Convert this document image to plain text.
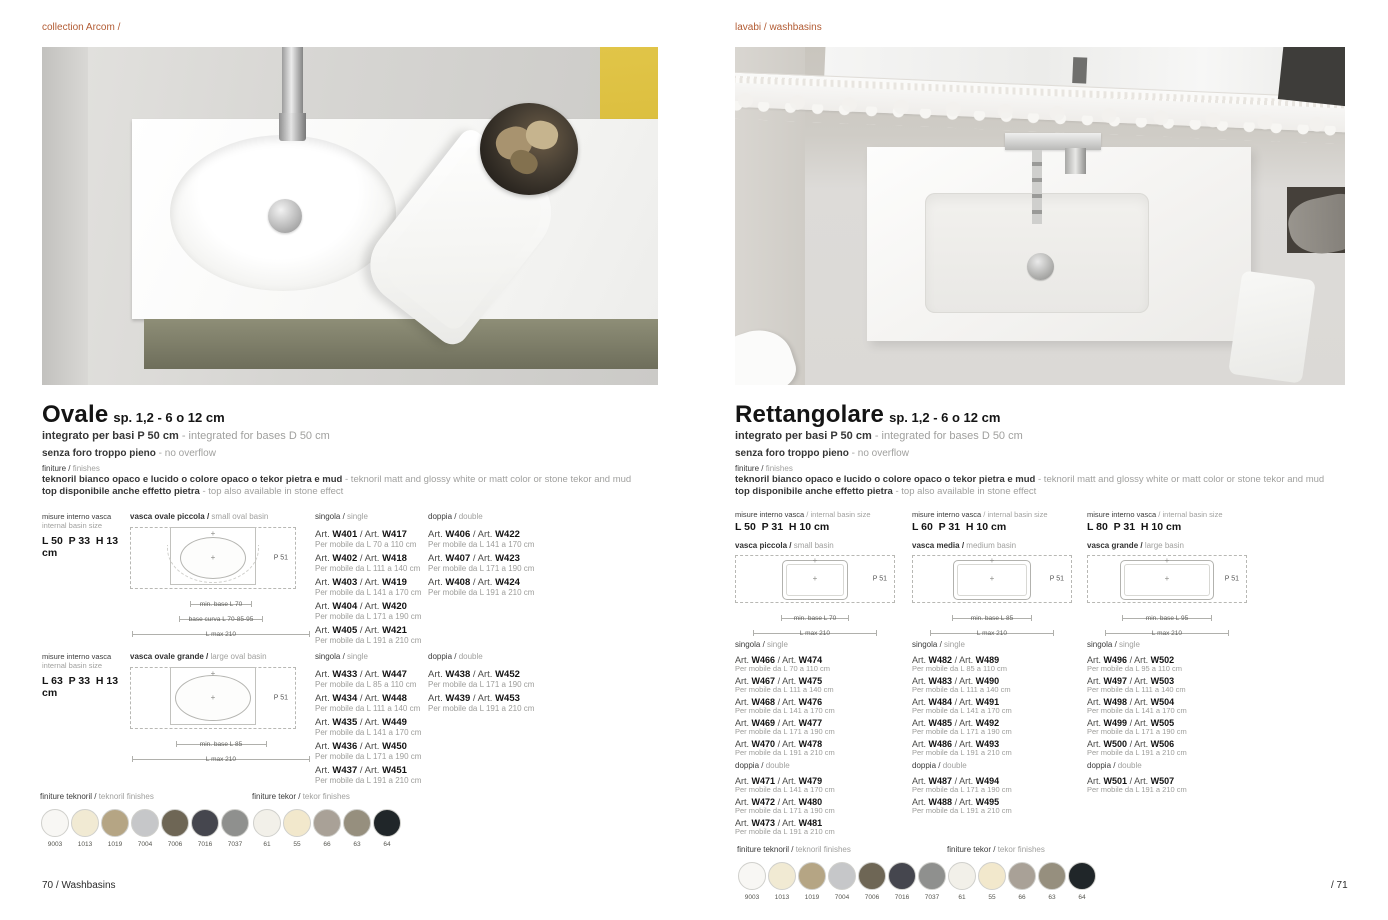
collection Arcom /	lavabi / washbasins
Ovale sp. 1,2 - 6 o 12 cm
integrato per basi P 50 cm - integrated for bases D 50 cm
senza foro troppo pieno - no overflow
finiture / finishes
teknoril bianco opaco e lucido o colore opaco o tekor pietra e mud - teknoril matt and glossy white or matt color or stone tekor and mud
top disponibile anche effetto pietra - top also available in stone effect
misure interno vasca
internal basin size
L 50  P 33  H 13 cm
vasca ovale piccola / small oval basin
+
+	P 51
min. base L 70
base curva L 70-85-95
L max 210
singola / single
Art. W401 / Art. W417
Per mobile da L 70 a 110 cm
Art. W402 / Art. W418
Per mobile da L 111 a 140 cm
Art. W403 / Art. W419
Per mobile da L 141 a 170 cm
Art. W404 / Art. W420
Per mobile da L 171 a 190 cm
Art. W405 / Art. W421
Per mobile da L 191 a 210 cm
doppia / double
Art. W406 / Art. W422
Per mobile da L 141 a 170 cm
Art. W407 / Art. W423
Per mobile da L 171 a 190 cm
Art. W408 / Art. W424
Per mobile da L 191 a 210 cm
misure interno vasca
internal basin size
L 63  P 33  H 13 cm
vasca ovale grande / large oval basin
+
+	P 51
min. base L 85
L max 210
singola / single
Art. W433 / Art. W447
Per mobile da L 85 a 110 cm
Art. W434 / Art. W448
Per mobile da L 111 a 140 cm
Art. W435 / Art. W449
Per mobile da L 141 a 170 cm
Art. W436 / Art. W450
Per mobile da L 171 a 190 cm
Art. W437 / Art. W451
Per mobile da L 191 a 210 cm
doppia / double
Art. W438 / Art. W452
Per mobile da L 171 a 190 cm
Art. W439 / Art. W453
Per mobile da L 191 a 210 cm
finiture teknoril / teknoril finishes
9003 1013 1019 7004 7006 7016 7037
finiture tekor / tekor finishes
61	55	66	63	64
Rettangolare sp. 1,2 - 6 o 12 cm
integrato per basi P 50 cm - integrated for bases D 50 cm
senza foro troppo pieno - no overflow
finiture / finishes
teknoril bianco opaco e lucido o colore opaco o tekor pietra e mud - teknoril matt and glossy white or matt color or stone tekor and mud
top disponibile anche effetto pietra - top also available in stone effect
misure interno vasca / internal basin size
L 50  P 31  H 10 cm
vasca piccola / small basin
+
+	P 51
min. base L 70
L max 210
singola / single
Art. W466 / Art. W474
Per mobile da L 70 a 110 cm
Art. W467 / Art. W475
Per mobile da L 111 a 140 cm
Art. W468 / Art. W476
Per mobile da L 141 a 170 cm
Art. W469 / Art. W477
Per mobile da L 171 a 190 cm
Art. W470 / Art. W478
Per mobile da L 191 a 210 cm
doppia / double
Art. W471 / Art. W479
Per mobile da L 141 a 170 cm
Art. W472 / Art. W480
Per mobile da L 171 a 190 cm
Art. W473 / Art. W481
Per mobile da L 191 a 210 cm
misure interno vasca / internal basin size
L 60  P 31  H 10 cm
vasca media / medium basin
+
+	P 51
min. base L 85
L max 210
singola / single
Art. W482 / Art. W489
Per mobile da L 85 a 110 cm
Art. W483 / Art. W490
Per mobile da L 111 a 140 cm
Art. W484 / Art. W491
Per mobile da L 141 a 170 cm
Art. W485 / Art. W492
Per mobile da L 171 a 190 cm
Art. W486 / Art. W493
Per mobile da L 191 a 210 cm
doppia / double
Art. W487 / Art. W494
Per mobile da L 171 a 190 cm
Art. W488 / Art. W495
Per mobile da L 191 a 210 cm
misure interno vasca / internal basin size
L 80  P 31  H 10 cm
vasca grande / large basin
+
+	P 51
min. base L 95
L max 210
singola / single
Art. W496 / Art. W502
Per mobile da L 95 a 110 cm
Art. W497 / Art. W503
Per mobile da L 111 a 140 cm
Art. W498 / Art. W504
Per mobile da L 141 a 170 cm
Art. W499 / Art. W505
Per mobile da L 171 a 190 cm
Art. W500 / Art. W506
Per mobile da L 191 a 210 cm
doppia / double
Art. W501 / Art. W507
Per mobile da L 191 a 210 cm
finiture teknoril / teknoril finishes
9003 1013 1019 7004 7006 7016 7037
finiture tekor / tekor finishes
61	55	66	63	64
70 / Washbasins	/ 71
